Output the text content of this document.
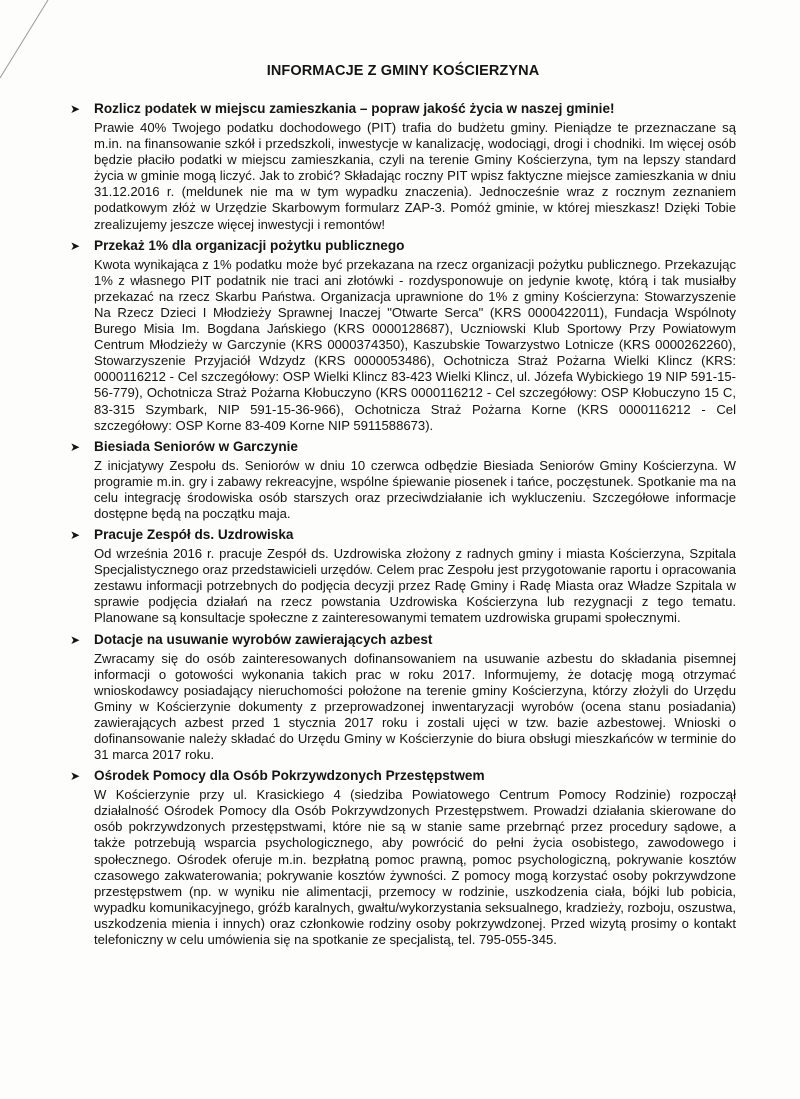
INFORMACJE Z GMINY KOŚCIERZYNA
➤	Rozlicz podatek w miejscu zamieszkania – popraw jakość życia w naszej gminie!

Prawie 40% Twojego podatku dochodowego (PIT) trafia do budżetu gminy. Pieniądze te przeznaczane są m.in. na finansowanie szkół i przedszkoli, inwestycje w kanalizację, wodociągi, drogi i chodniki. Im więcej osób będzie płaciło podatki w miejscu zamieszkania, czyli na terenie Gminy Kościerzyna, tym na lepszy standard życia w gminie mogą liczyć. Jak to zrobić? Składając roczny PIT wpisz faktyczne miejsce zamieszkania w dniu 31.12.2016 r. (meldunek nie ma w tym wypadku znaczenia). Jednocześnie wraz z rocznym zeznaniem podatkowym złóż w Urzędzie Skarbowym formularz ZAP-3. Pomóż gminie, w której mieszkasz! Dzięki Tobie zrealizujemy jeszcze więcej inwestycji i remontów!

➤	Przekaż 1% dla organizacji pożytku publicznego

Kwota wynikająca z 1% podatku może być przekazana na rzecz organizacji pożytku publicznego. Przekazując 1% z własnego PIT podatnik nie traci ani złotówki - rozdysponowuje on jedynie kwotę, którą i tak musiałby przekazać na rzecz Skarbu Państwa. Organizacja uprawnione do 1% z gminy Kościerzyna: Stowarzyszenie Na Rzecz Dzieci I Młodzieży Sprawnej Inaczej "Otwarte Serca" (KRS 0000422011), Fundacja Wspólnoty Burego Misia Im. Bogdana Jańskiego (KRS 0000128687), Uczniowski Klub Sportowy Przy Powiatowym Centrum Młodzieży w Garczynie (KRS 0000374350), Kaszubskie Towarzystwo Lotnicze (KRS 0000262260), Stowarzyszenie Przyjaciół Wdzydz (KRS 0000053486), Ochotnicza Straż Pożarna Wielki Klincz (KRS: 0000116212 - Cel szczegółowy: OSP Wielki Klincz 83-423 Wielki Klincz, ul. Józefa Wybickiego 19 NIP 591-15-56-779), Ochotnicza Straż Pożarna Kłobuczyno (KRS 0000116212 - Cel szczegółowy: OSP Kłobuczyno 15 C, 83-315 Szymbark, NIP 591-15-36-966), Ochotnicza Straż Pożarna Korne (KRS 0000116212 - Cel szczegółowy: OSP Korne 83-409 Korne NIP 5911588673).

➤	Biesiada Seniorów w Garczynie

Z inicjatywy Zespołu ds. Seniorów w dniu 10 czerwca odbędzie Biesiada Seniorów Gminy Kościerzyna. W programie m.in. gry i zabawy rekreacyjne, wspólne śpiewanie piosenek i tańce, poczęstunek. Spotkanie ma na celu integrację środowiska osób starszych oraz przeciwdziałanie ich wykluczeniu. Szczegółowe informacje dostępne będą na początku maja.

➤	Pracuje Zespół ds. Uzdrowiska

Od września 2016 r. pracuje Zespół ds. Uzdrowiska złożony z radnych gminy i miasta Kościerzyna, Szpitala Specjalistycznego oraz przedstawicieli urzędów. Celem prac Zespołu jest przygotowanie raportu i opracowania zestawu informacji potrzebnych do podjęcia decyzji przez Radę Gminy i Radę Miasta oraz Władze Szpitala w sprawie podjęcia działań na rzecz powstania Uzdrowiska Kościerzyna lub rezygnacji z tego tematu. Planowane są konsultacje społeczne z zainteresowanymi tematem uzdrowiska grupami społecznymi.

➤	Dotacje na usuwanie wyrobów zawierających azbest

Zwracamy się do osób zainteresowanych dofinansowaniem na usuwanie azbestu do składania pisemnej informacji o gotowości wykonania takich prac w roku 2017. Informujemy, że dotację mogą otrzymać wnioskodawcy posiadający nieruchomości położone na terenie gminy Kościerzyna, którzy złożyli do Urzędu Gminy w Kościerzynie dokumenty z przeprowadzonej inwentaryzacji wyrobów (ocena stanu posiadania) zawierających azbest przed 1 stycznia 2017 roku i zostali ujęci w tzw. bazie azbestowej. Wnioski o dofinansowanie należy składać do Urzędu Gminy w Kościerzynie do biura obsługi mieszkańców w terminie do 31 marca 2017 roku.

➤	Ośrodek Pomocy dla Osób Pokrzywdzonych Przestępstwem

W Kościerzynie przy ul. Krasickiego 4 (siedziba Powiatowego Centrum Pomocy Rodzinie) rozpoczął działalność Ośrodek Pomocy dla Osób Pokrzywdzonych Przestępstwem. Prowadzi działania skierowane do osób pokrzywdzonych przestępstwami, które nie są w stanie same przebrnąć przez procedury sądowe, a także potrzebują wsparcia psychologicznego, aby powrócić do pełni życia osobistego, zawodowego i społecznego. Ośrodek oferuje m.in. bezpłatną pomoc prawną, pomoc psychologiczną, pokrywanie kosztów czasowego zakwaterowania; pokrywanie kosztów żywności. Z pomocy mogą korzystać osoby pokrzywdzone przestępstwem (np. w wyniku nie alimentacji, przemocy w rodzinie, uszkodzenia ciała, bójki lub pobicia, wypadku komunikacyjnego, gróźb karalnych, gwałtu/wykorzystania seksualnego, kradzieży, rozboju, oszustwa, uszkodzenia mienia i innych) oraz członkowie rodziny osoby pokrzywdzonej. Przed wizytą prosimy o kontakt telefoniczny w celu umówienia się na spotkanie ze specjalistą, tel. 795-055-345.
